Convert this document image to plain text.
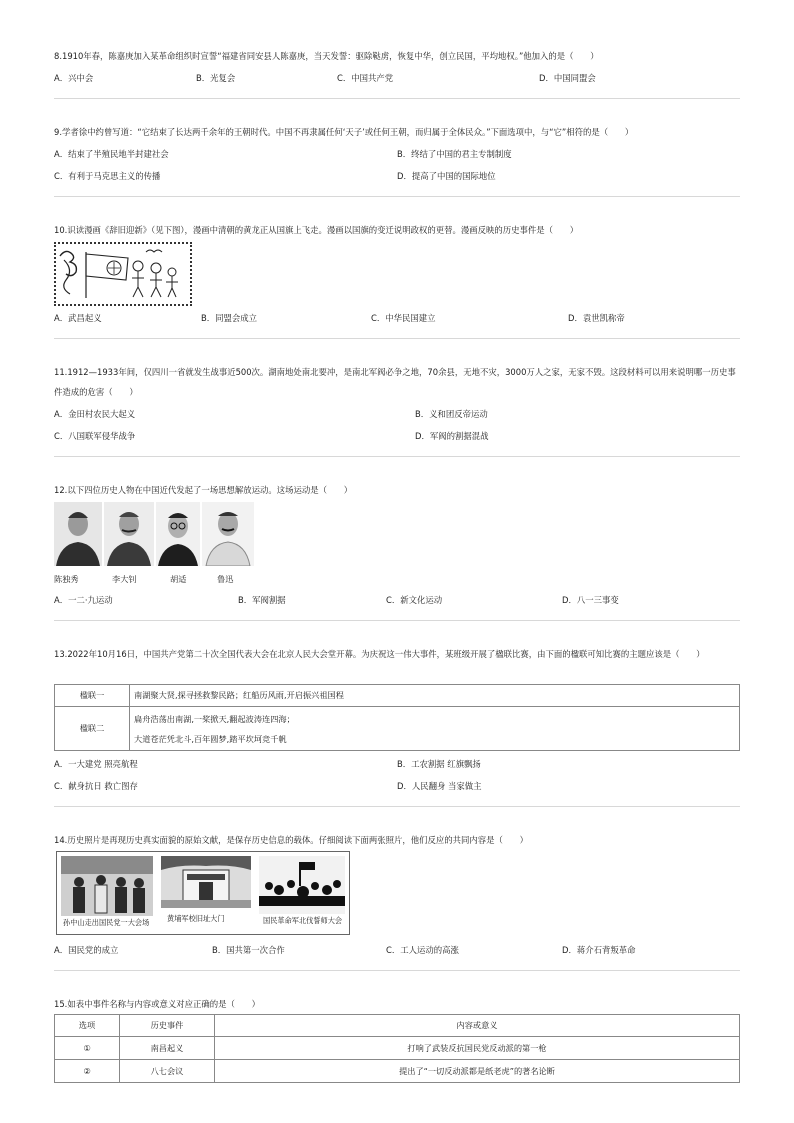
8.1910年春，陈嘉庚加入某革命组织时宣誓“福建省同安县人陈嘉庚，当天发誓：驱除鞑虏，恢复中华，创立民国，平均地权。”他加入的是（　　）
A．兴中会	B．光复会	C．中国共产党	D．中国同盟会
9.学者徐中约曾写道：“它结束了长达两千余年的王朝时代。中国不再隶属任何‘天子’或任何王朝，而归属于全体民众。”下面选项中，与“它”相符的是（　　）
A．结束了半殖民地半封建社会	B．终结了中国的君主专制制度
C．有利于马克思主义的传播	D．提高了中国的国际地位
10.识读漫画《辞旧迎新》（见下图），漫画中清朝的黄龙正从国旗上飞走。漫画以国旗的变迁说明政权的更替。漫画反映的历史事件是（　　）
A．武昌起义	B．同盟会成立	C．中华民国建立	D．袁世凯称帝
11.1912—1933年间，仅四川一省就发生战事近500次。湖南地处南北要冲，是南北军阀必争之地，70余县，无地不灾，3000万人之家，无家不毁。这段材料可以用来说明哪一历史事件造成的危害（　　）
A．金田村农民大起义	B．义和团反帝运动
C．八国联军侵华战争	D．军阀的割据混战
12.以下四位历史人物在中国近代发起了一场思想解放运动。这场运动是（　　）
陈独秀	李大钊	胡适	鲁迅
A．一二·九运动	B．军阀割据	C．新文化运动	D．八一三事变
13.2022年10月16日，中国共产党第二十次全国代表大会在北京人民大会堂开幕。为庆祝这一伟大事件，某班级开展了楹联比赛，由下面的楹联可知比赛的主题应该是（　　）
楹联一	南湖聚大贤,探寻拯救黎民路；红船历风雨,开启振兴祖国程
楹联二	扁舟浩荡出南湖,一桨掀天,翻起波涛连四海；
大道苍茫凭北斗,百年圆梦,踏平坎坷竞千帆
A．一大建党 照亮航程	B．工农割据 红旗飘扬
C．献身抗日 救亡图存	D．人民翻身 当家做主
14.历史照片是再现历史真实面貌的原始文献，是保存历史信息的载体。仔细阅读下面两张照片，他们反应的共同内容是（　　）
孙中山走出国民党一大会场 黄埔军校旧址大门	国民革命军北伐誓师大会
A．国民党的成立	B．国共第一次合作	C．工人运动的高涨	D．蒋介石背叛革命
15.如表中事件名称与内容或意义对应正确的是（　　）
选项	历史事件	内容或意义
①	南昌起义	打响了武装反抗国民党反动派的第一枪
②	八七会议	提出了“一切反动派都是纸老虎”的著名论断
